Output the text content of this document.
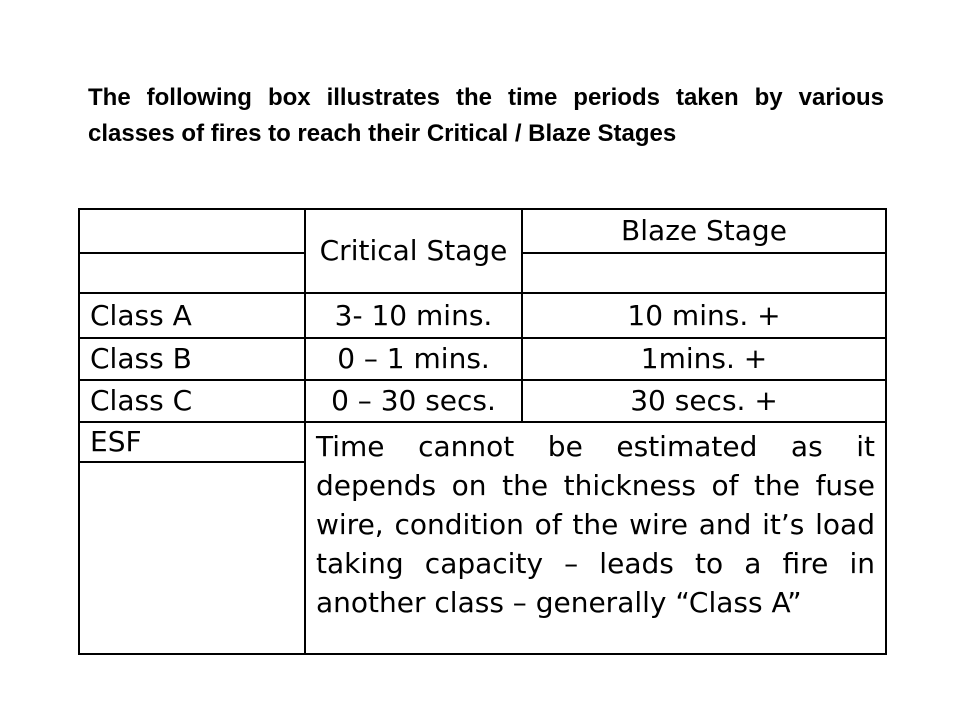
The following box illustrates the time periods taken by various classes of fires to reach their Critical / Blaze Stages

	Critical Stage	Blaze Stage

Class A	3- 10 mins.	10 mins. +
Class B	0 – 1 mins.	1mins. +
Class C	0 – 30 secs.	30 secs. +
ESF	Time cannot be estimated as it depends on the thickness of the fuse wire, condition of the wire and it’s load taking capacity – leads to a fire in another class – generally “Class A”	
